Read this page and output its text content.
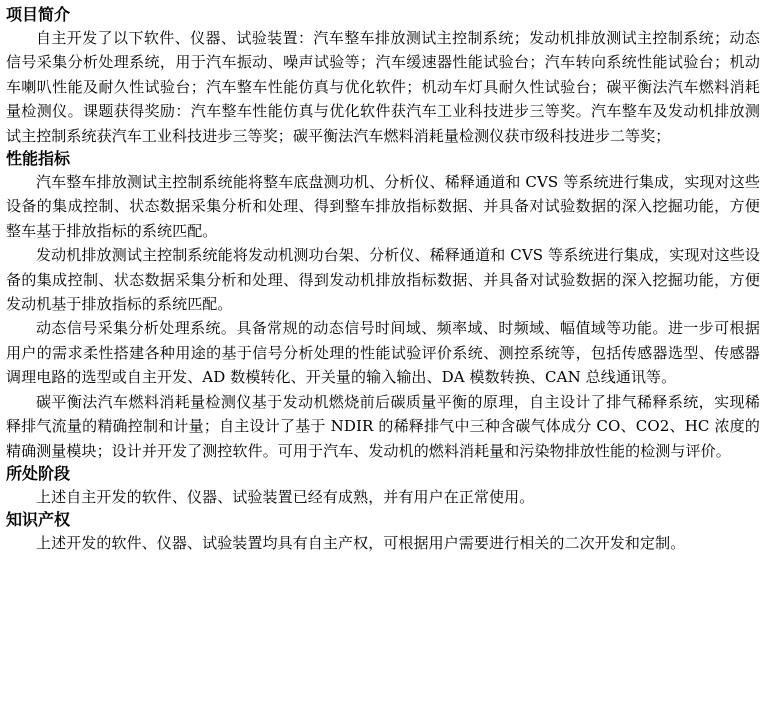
项目简介

自主开发了以下软件、仪器、试验装置：汽车整车排放测试主控制系统；发动机排放测试主控制系统；动态信号采集分析处理系统，用于汽车振动、噪声试验等；汽车缓速器性能试验台；汽车转向系统性能试验台；机动车喇叭性能及耐久性试验台；汽车整车性能仿真与优化软件；机动车灯具耐久性试验台；碳平衡法汽车燃料消耗量检测仪。课题获得奖励：汽车整车性能仿真与优化软件获汽车工业科技进步三等奖。汽车整车及发动机排放测试主控制系统获汽车工业科技进步三等奖；碳平衡法汽车燃料消耗量检测仪获市级科技进步二等奖；

性能指标

汽车整车排放测试主控制系统能将整车底盘测功机、分析仪、稀释通道和 CVS 等系统进行集成，实现对这些设备的集成控制、状态数据采集分析和处理、得到整车排放指标数据、并具备对试验数据的深入挖掘功能，方便整车基于排放指标的系统匹配。

发动机排放测试主控制系统能将发动机测功台架、分析仪、稀释通道和 CVS 等系统进行集成，实现对这些设备的集成控制、状态数据采集分析和处理、得到发动机排放指标数据、并具备对试验数据的深入挖掘功能，方便发动机基于排放指标的系统匹配。

动态信号采集分析处理系统。具备常规的动态信号时间域、频率域、时频域、幅值域等功能。进一步可根据用户的需求柔性搭建各种用途的基于信号分析处理的性能试验评价系统、测控系统等，包括传感器选型、传感器调理电路的选型或自主开发、AD 数模转化、开关量的输入输出、DA 模数转换、CAN 总线通讯等。

碳平衡法汽车燃料消耗量检测仪基于发动机燃烧前后碳质量平衡的原理，自主设计了排气稀释系统，实现稀释排气流量的精确控制和计量；自主设计了基于 NDIR 的稀释排气中三种含碳气体成分 CO、CO2、HC 浓度的精确测量模块；设计并开发了测控软件。可用于汽车、发动机的燃料消耗量和污染物排放性能的检测与评价。

所处阶段

上述自主开发的软件、仪器、试验装置已经有成熟，并有用户在正常使用。

知识产权

上述开发的软件、仪器、试验装置均具有自主产权，可根据用户需要进行相关的二次开发和定制。
